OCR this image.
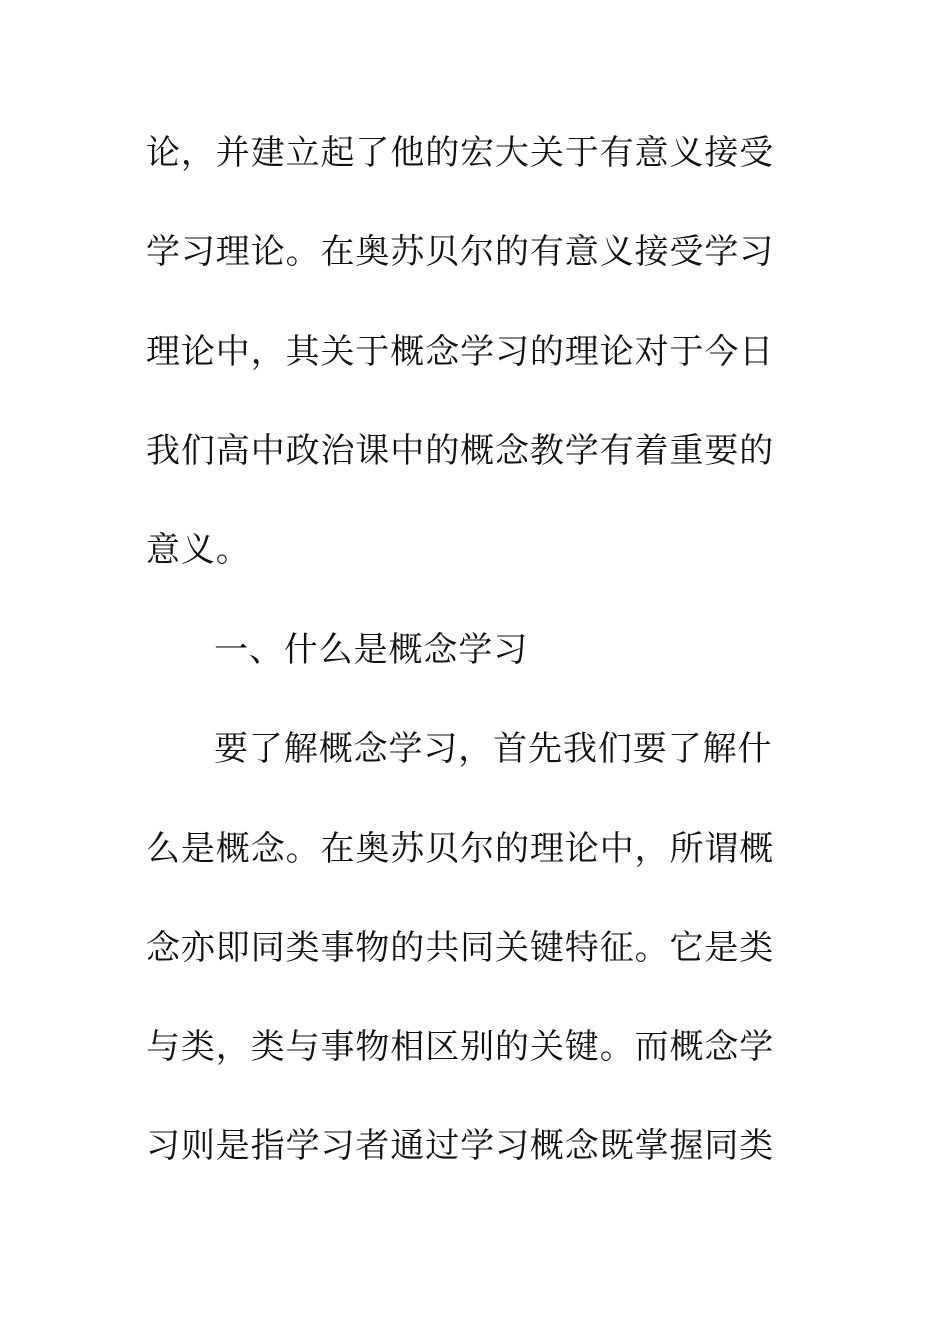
论，并建立起了他的宏大关于有意义接受
学习理论。在奥苏贝尔的有意义接受学习
理论中，其关于概念学习的理论对于今日
我们高中政治课中的概念教学有着重要的
意义。
一、什么是概念学习
要了解概念学习，首先我们要了解什
么是概念。在奥苏贝尔的理论中，所谓概
念亦即同类事物的共同关键特征。它是类
与类，类与事物相区别的关键。而概念学
习则是指学习者通过学习概念既掌握同类
